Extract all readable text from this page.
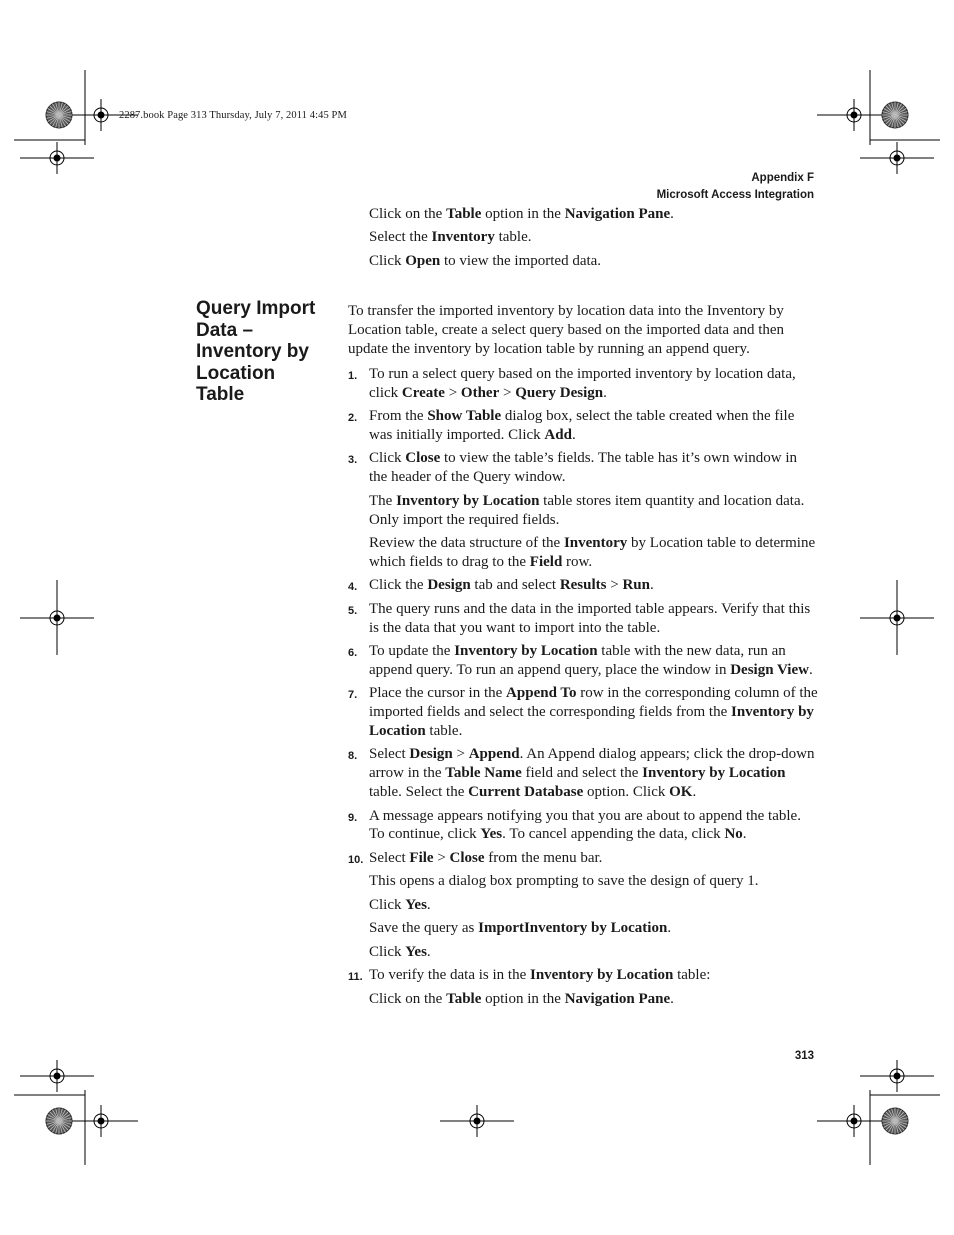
2287.book Page 313 Thursday, July 7, 2011 4:45 PM
Appendix F
Microsoft Access Integration

Click on the Table option in the Navigation Pane.

Select the Inventory table.

Click Open to view the imported data.

Query Import
Data –
Inventory by
Location
Table

To transfer the imported inventory by location data into the Inventory by Location table, create a select query based on the imported data and then update the inventory by location table by running an append query.

1. To run a select query based on the imported inventory by location data, click Create > Other > Query Design.

2. From the Show Table dialog box, select the table created when the file was initially imported. Click Add.

3. Click Close to view the table’s fields. The table has it’s own window in the header of the Query window.

The Inventory by Location table stores item quantity and location data. Only import the required fields.

Review the data structure of the Inventory by Location table to determine which fields to drag to the Field row.

4. Click the Design tab and select Results > Run.

5. The query runs and the data in the imported table appears. Verify that this is the data that you want to import into the table.

6. To update the Inventory by Location table with the new data, run an append query. To run an append query, place the window in Design View.

7. Place the cursor in the Append To row in the corresponding column of the imported fields and select the corresponding fields from the Inventory by Location table.

8. Select Design > Append. An Append dialog appears; click the drop-down arrow in the Table Name field and select the Inventory by Location table. Select the Current Database option. Click OK.

9. A message appears notifying you that you are about to append the table. To continue, click Yes. To cancel appending the data, click No.

10. Select File > Close from the menu bar.

This opens a dialog box prompting to save the design of query 1.

Click Yes.

Save the query as ImportInventory by Location.

Click Yes.

11. To verify the data is in the Inventory by Location table:

Click on the Table option in the Navigation Pane.

313
